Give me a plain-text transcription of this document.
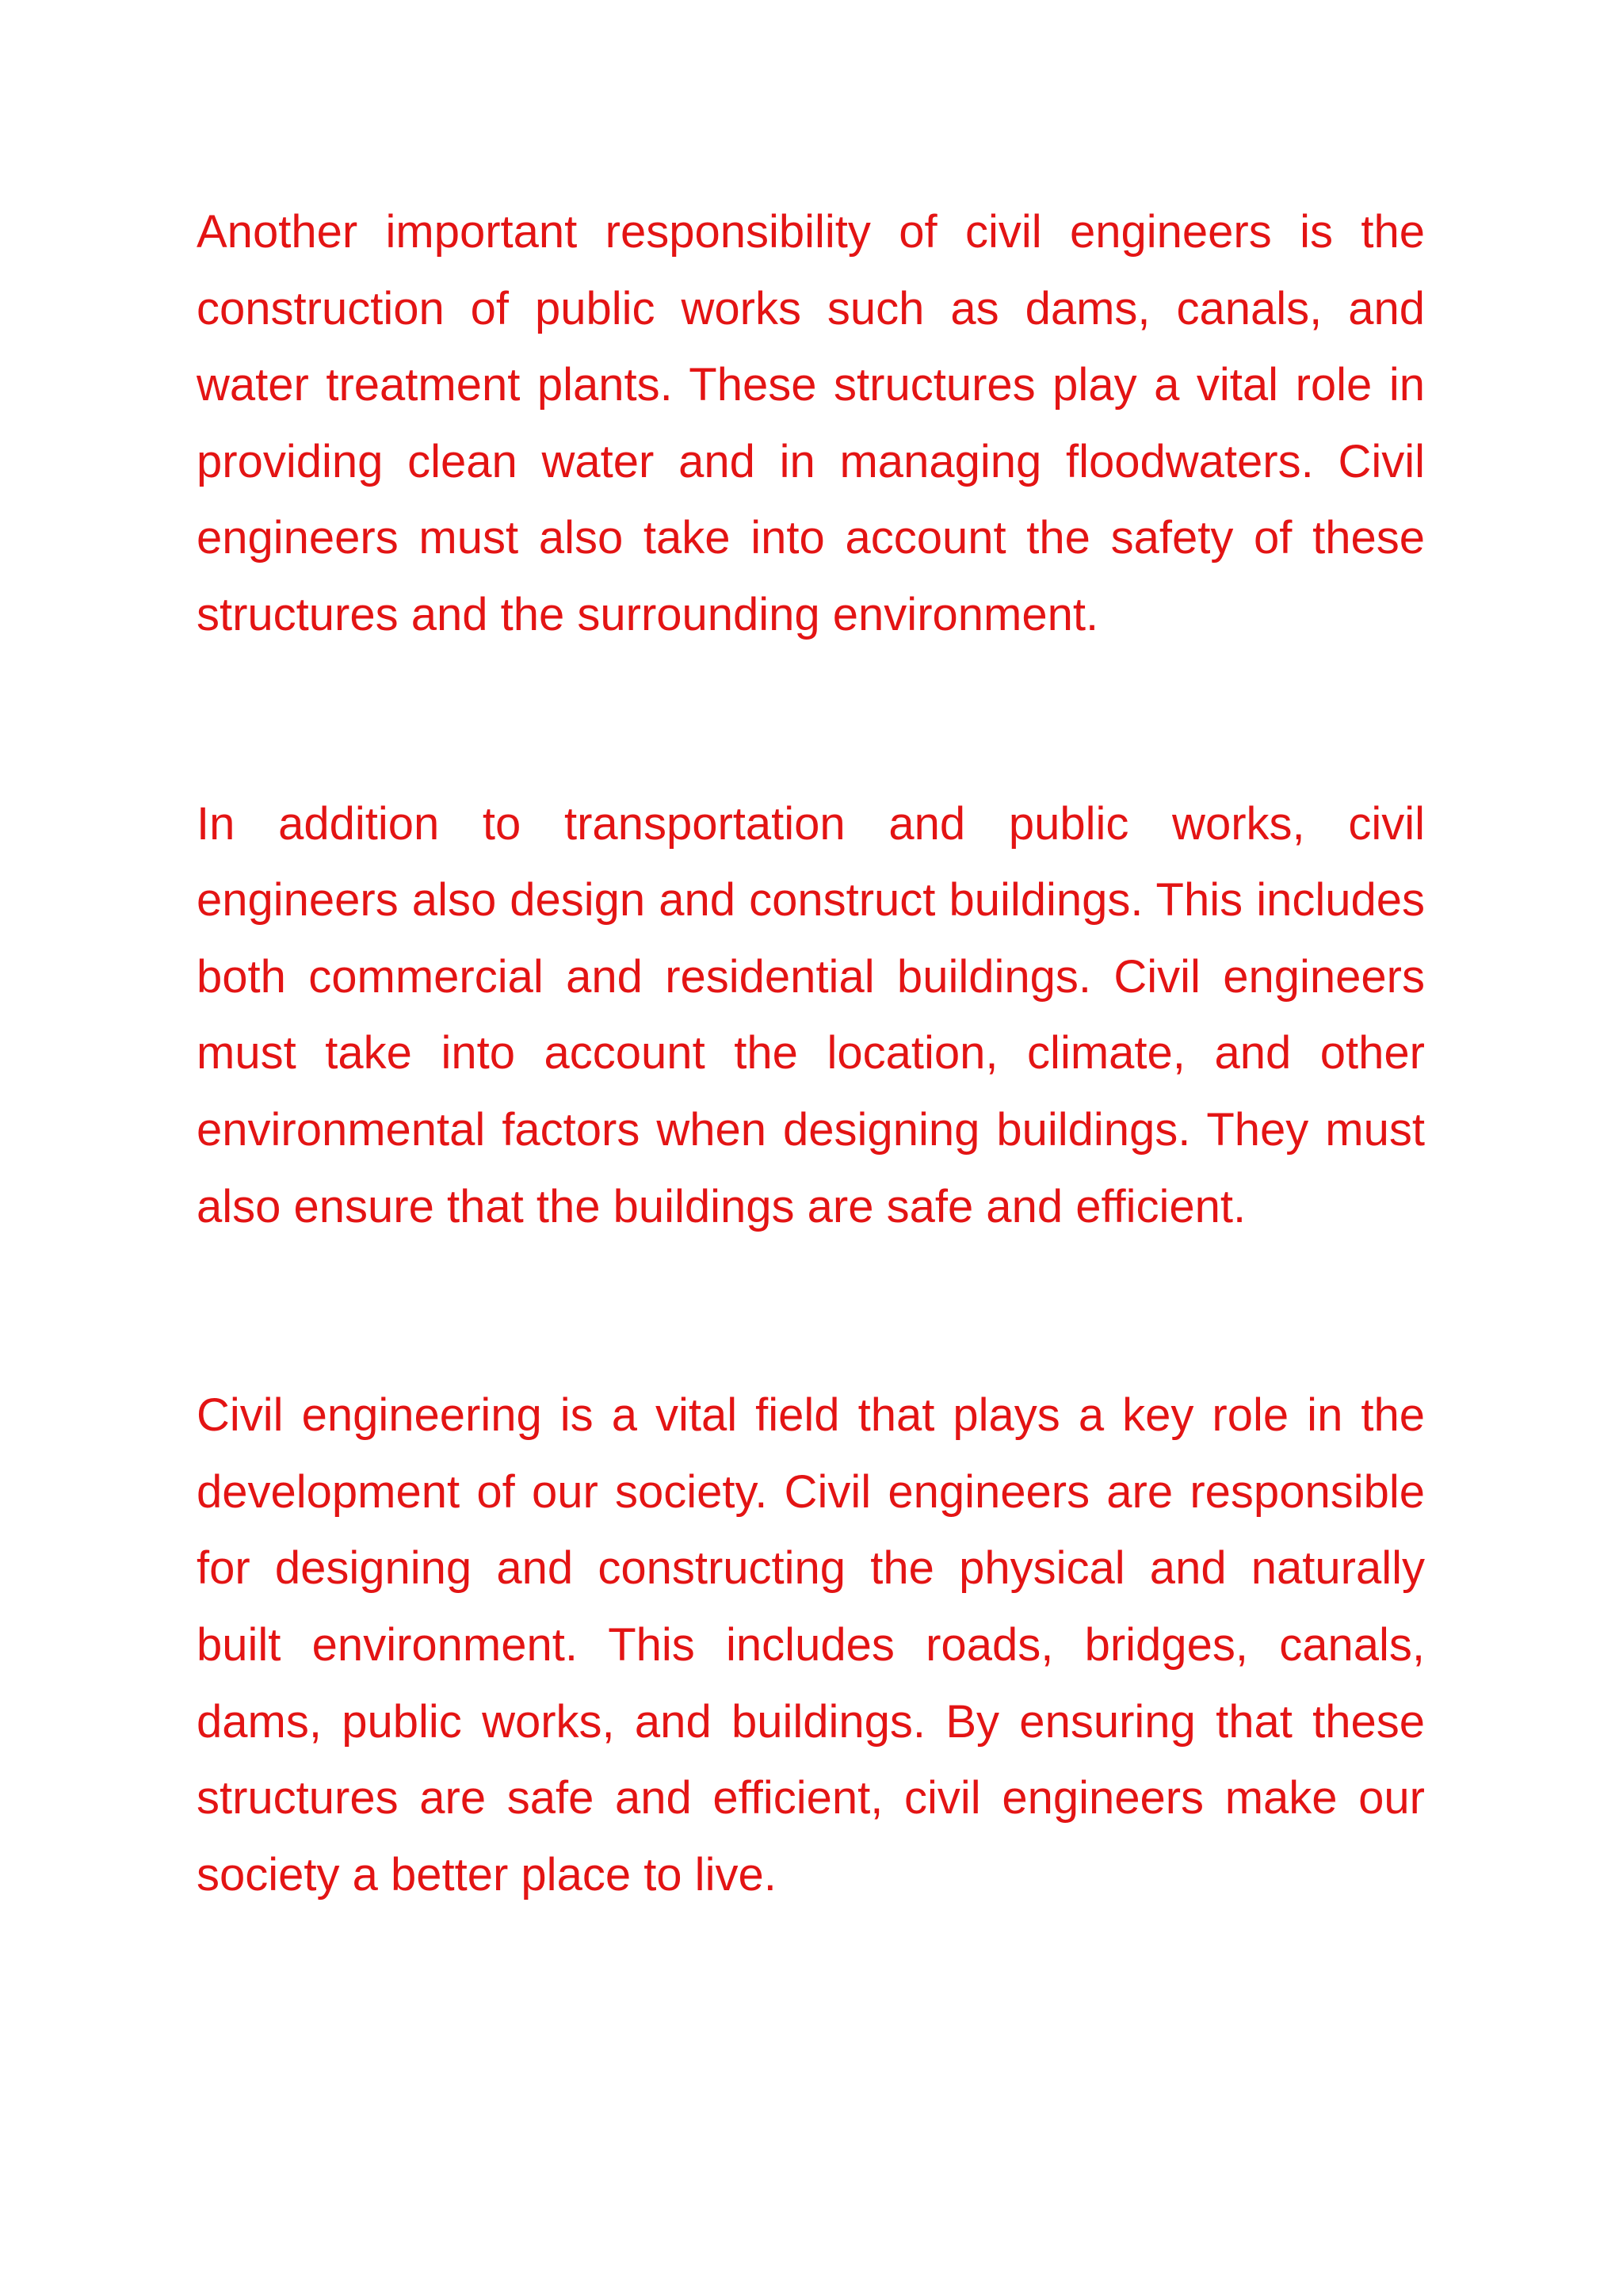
Another important responsibility of civil engineers is the construction of public works such as dams, canals, and water treatment plants. These structures play a vital role in providing clean water and in managing floodwaters. Civil engineers must also take into account the safety of these structures and the surrounding environment.

In addition to transportation and public works, civil engineers also design and construct buildings. This includes both commercial and residential buildings. Civil engineers must take into account the location, climate, and other environmental factors when designing buildings. They must also ensure that the buildings are safe and efficient.

Civil engineering is a vital field that plays a key role in the development of our society. Civil engineers are responsible for designing and constructing the physical and naturally built environment. This includes roads, bridges, canals, dams, public works, and buildings. By ensuring that these structures are safe and efficient, civil engineers make our society a better place to live.
